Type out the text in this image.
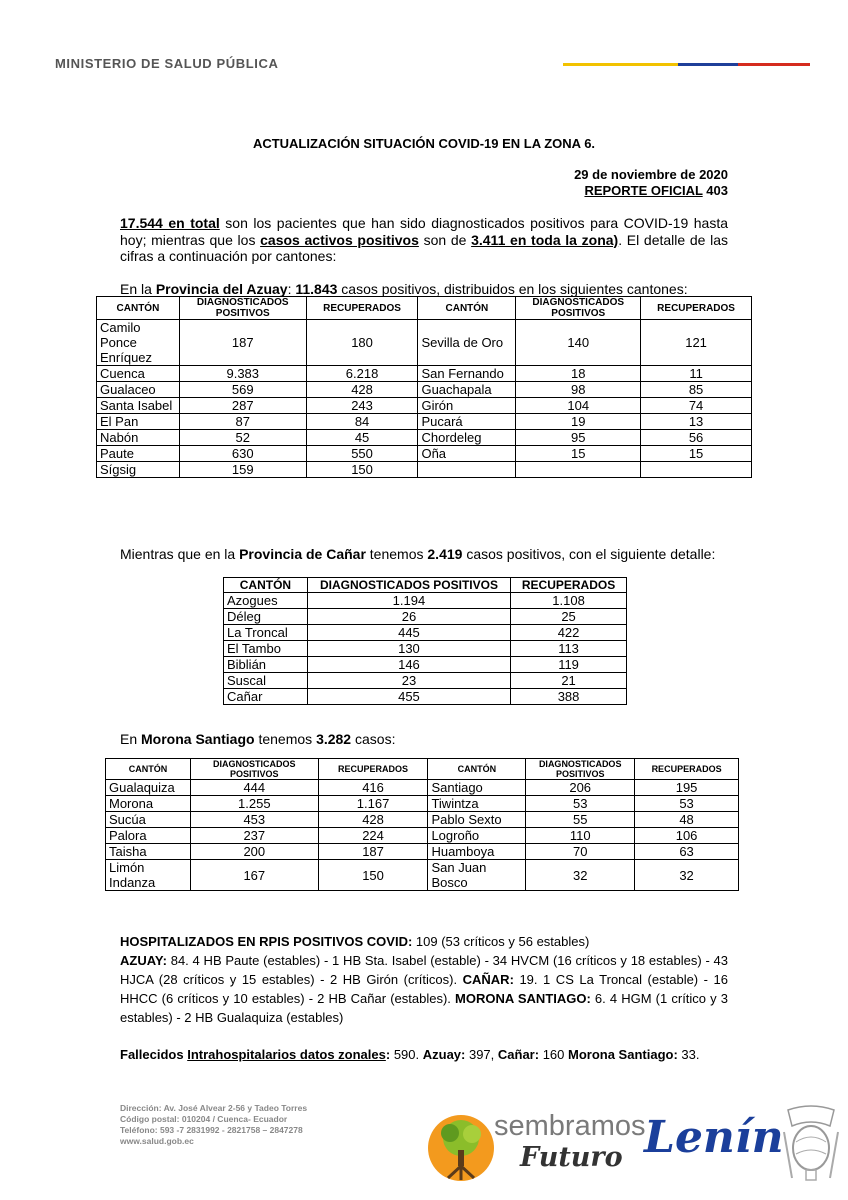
MINISTERIO DE SALUD PÚBLICA
ACTUALIZACIÓN SITUACIÓN COVID-19 EN LA ZONA 6.
29 de noviembre de 2020
REPORTE OFICIAL 403
17.544 en total son los pacientes que han sido diagnosticados positivos para COVID-19 hasta hoy; mientras que los casos activos positivos son de 3.411 en toda la zona). El detalle de las cifras a continuación por cantones:
En la Provincia del Azuay: 11.843 casos positivos, distribuidos en los siguientes cantones:
CANTÓN	DIAGNOSTICADOS POSITIVOS	RECUPERADOS	CANTÓN	DIAGNOSTICADOS POSITIVOS	RECUPERADOS
Camilo Ponce Enríquez	187	180	Sevilla de Oro	140	121
Cuenca	9.383	6.218	San Fernando	18	11
Gualaceo	569	428	Guachapala	98	85
Santa Isabel	287	243	Girón	104	74
El Pan	87	84	Pucará	19	13
Nabón	52	45	Chordeleg	95	56
Paute	630	550	Oña	15	15
Sígsig	159	150			
Mientras que en la Provincia de Cañar tenemos 2.419 casos positivos, con el siguiente detalle:
CANTÓN	DIAGNOSTICADOS POSITIVOS	RECUPERADOS
Azogues	1.194	1.108
Déleg	26	25
La Troncal	445	422
El Tambo	130	113
Biblián	146	119
Suscal	23	21
Cañar	455	388
En Morona Santiago tenemos 3.282 casos:
CANTÓN	DIAGNOSTICADOS POSITIVOS	RECUPERADOS	CANTÓN	DIAGNOSTICADOS POSITIVOS	RECUPERADOS
Gualaquiza	444	416	Santiago	206	195
Morona	1.255	1.167	Tiwintza	53	53
Sucúa	453	428	Pablo Sexto	55	48
Palora	237	224	Logroño	110	106
Taisha	200	187	Huamboya	70	63
Limón Indanza	167	150	San Juan Bosco	32	32
HOSPITALIZADOS EN RPIS POSITIVOS COVID: 109 (53 críticos y 56 estables)
AZUAY: 84. 4 HB Paute (estables) - 1 HB Sta. Isabel (estable) - 34 HVCM (16 críticos y 18 estables) - 43 HJCA (28 críticos y 15 estables) - 2 HB Girón (críticos). CAÑAR: 19. 1 CS La Troncal (estable) - 16 HHCC (6 críticos y 10 estables) - 2 HB Cañar (estables). MORONA SANTIAGO: 6. 4 HGM (1 crítico y 3 estables) - 2 HB Gualaquiza (estables)
Fallecidos Intrahospitalarios datos zonales: 590. Azuay: 397, Cañar: 160 Morona Santiago: 33.
Dirección: Av. José Alvear 2-56 y Tadeo Torres
Código postal: 010204 / Cuenca- Ecuador
Teléfono: 593 -7 2831992 - 2821758 – 2847278
www.salud.gob.ec	sembramos
Futuro Lenín
